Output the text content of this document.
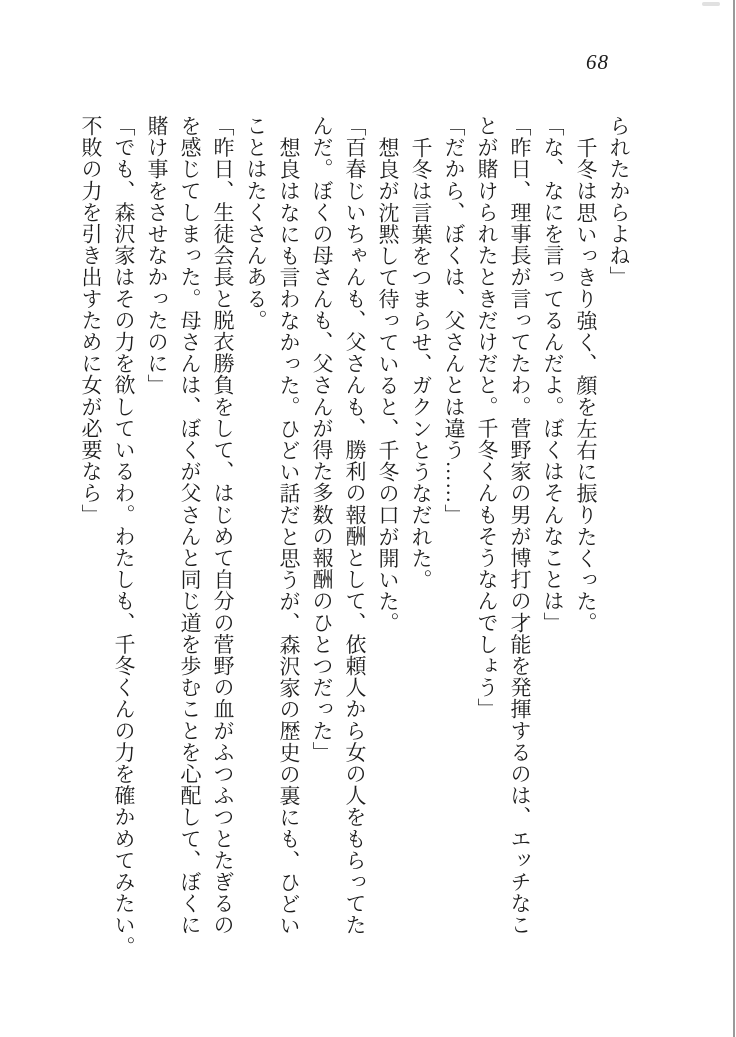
68

られたからよね」

千冬は思いっきり強く、顔を左右に振りたくった。

「な、なにを言ってるんだよ。ぼくはそんなことは」

「昨日、理事長が言ってたわ。菅野家の男が博打の才能を発揮するのは、エッチなこ

とが賭けられたときだけだと。千冬くんもそうなんでしょう」

「だから、ぼくは、父さんとは違う……」

千冬は言葉をつまらせ、ガクンとうなだれた。

想良が沈黙して待っていると、千冬の口が開いた。

「百春じいちゃんも、父さんも、勝利の報酬として、依頼人から女の人をもらってた

んだ。ぼくの母さんも、父さんが得た多数の報酬のひとつだった」

想良はなにも言わなかった。ひどい話だと思うが、森沢家の歴史の裏にも、ひどい

ことはたくさんある。

「昨日、生徒会長と脱衣勝負をして、はじめて自分の菅野の血がふつふつとたぎるの

を感じてしまった。母さんは、ぼくが父さんと同じ道を歩むことを心配して、ぼくに

賭け事をさせなかったのに」

「でも、森沢家はその力を欲しているわ。わたしも、千冬くんの力を確かめてみたい。

不敗の力を引き出すために女が必要なら」
